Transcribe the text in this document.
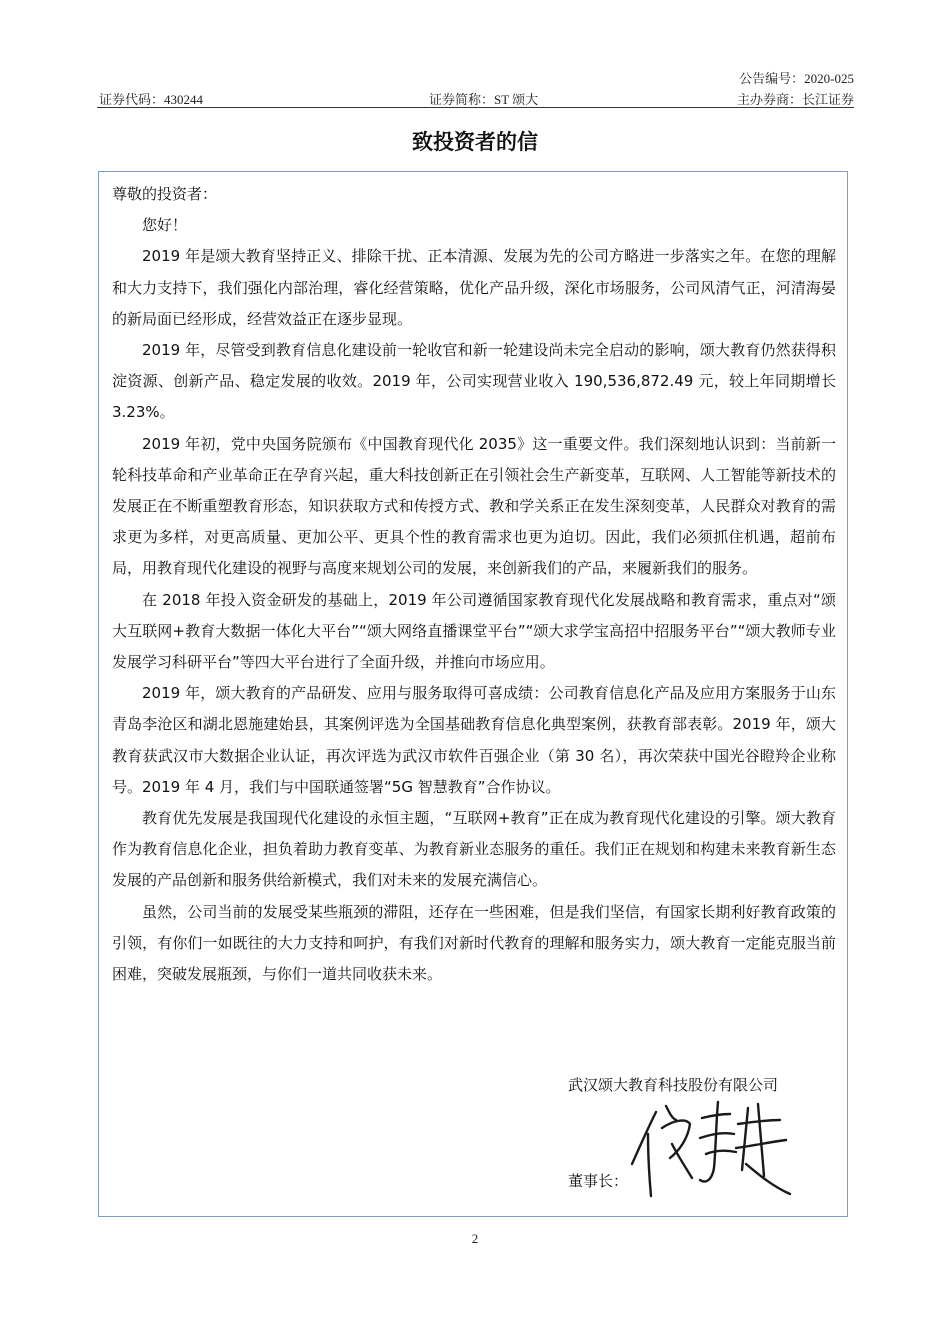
公告编号：2020-025
证券代码：430244	证券简称：ST 颂大	主办券商：长江证券
致投资者的信

尊敬的投资者：

您好！

2019 年是颂大教育坚持正义、排除干扰、正本清源、发展为先的公司方略进一步落实之年。在您的理解和大力支持下，我们强化内部治理，睿化经营策略，优化产品升级，深化市场服务，公司风清气正，河清海晏的新局面已经形成，经营效益正在逐步显现。

2019 年，尽管受到教育信息化建设前一轮收官和新一轮建设尚未完全启动的影响，颂大教育仍然获得积淀资源、创新产品、稳定发展的收效。2019 年，公司实现营业收入 190,536,872.49 元，较上年同期增长 3.23%。

2019 年初，党中央国务院颁布《中国教育现代化 2035》这一重要文件。我们深刻地认识到：当前新一轮科技革命和产业革命正在孕育兴起，重大科技创新正在引领社会生产新变革，互联网、人工智能等新技术的发展正在不断重塑教育形态，知识获取方式和传授方式、教和学关系正在发生深刻变革，人民群众对教育的需求更为多样，对更高质量、更加公平、更具个性的教育需求也更为迫切。因此，我们必须抓住机遇，超前布局，用教育现代化建设的视野与高度来规划公司的发展，来创新我们的产品，来履新我们的服务。

在 2018 年投入资金研发的基础上，2019 年公司遵循国家教育现代化发展战略和教育需求，重点对“颂大互联网+教育大数据一体化大平台”“颂大网络直播课堂平台”“颂大求学宝高招中招服务平台”“颂大教师专业发展学习科研平台”等四大平台进行了全面升级，并推向市场应用。

2019 年，颂大教育的产品研发、应用与服务取得可喜成绩：公司教育信息化产品及应用方案服务于山东青岛李沧区和湖北恩施建始县，其案例评选为全国基础教育信息化典型案例，获教育部表彰。2019 年，颂大教育获武汉市大数据企业认证，再次评选为武汉市软件百强企业（第 30 名），再次荣获中国光谷瞪羚企业称号。2019 年 4 月，我们与中国联通签署“5G 智慧教育”合作协议。

教育优先发展是我国现代化建设的永恒主题，“互联网+教育”正在成为教育现代化建设的引擎。颂大教育作为教育信息化企业，担负着助力教育变革、为教育新业态服务的重任。我们正在规划和构建未来教育新生态发展的产品创新和服务供给新模式，我们对未来的发展充满信心。

虽然，公司当前的发展受某些瓶颈的滞阻，还存在一些困难，但是我们坚信，有国家长期利好教育政策的引领，有你们一如既往的大力支持和呵护，有我们对新时代教育的理解和服务实力，颂大教育一定能克服当前困难，突破发展瓶颈，与你们一道共同收获未来。

武汉颂大教育科技股份有限公司
董事长：
2
